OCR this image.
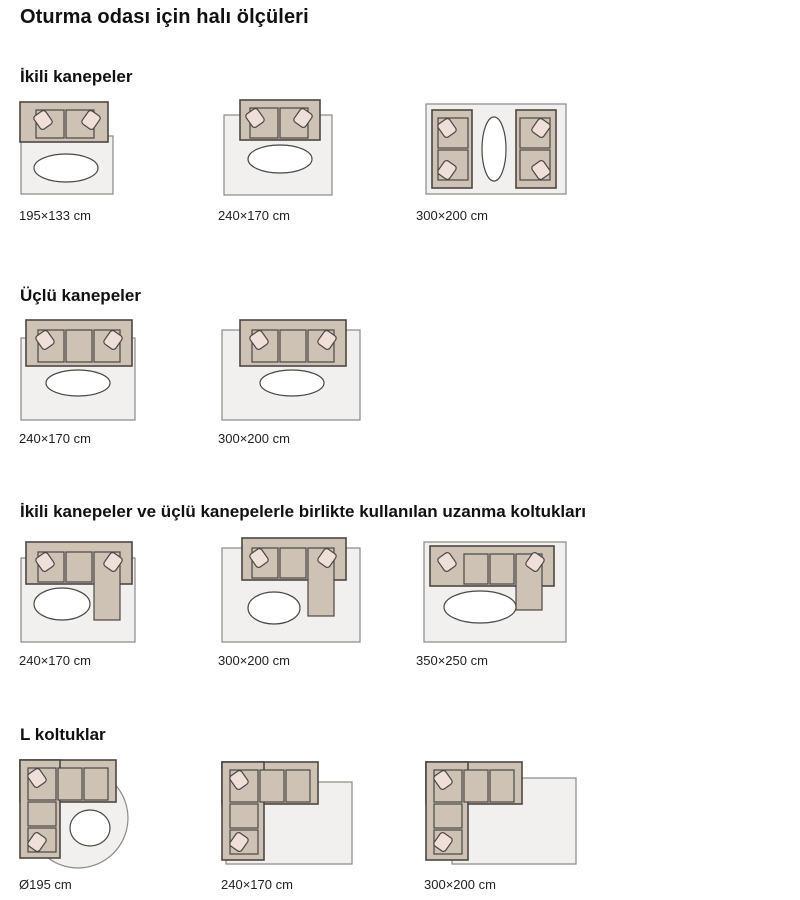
Oturma odası için halı ölçüleri
İkili kanepeler
Üçlü kanepeler
İkili kanepeler ve üçlü kanepelerle birlikte kullanılan uzanma koltukları
L koltuklar
195×133 cm	240×170 cm	300×200 cm
240×170 cm	300×200 cm
240×170 cm	300×200 cm	350×250 cm
Ø195 cm	240×170 cm	300×200 cm
